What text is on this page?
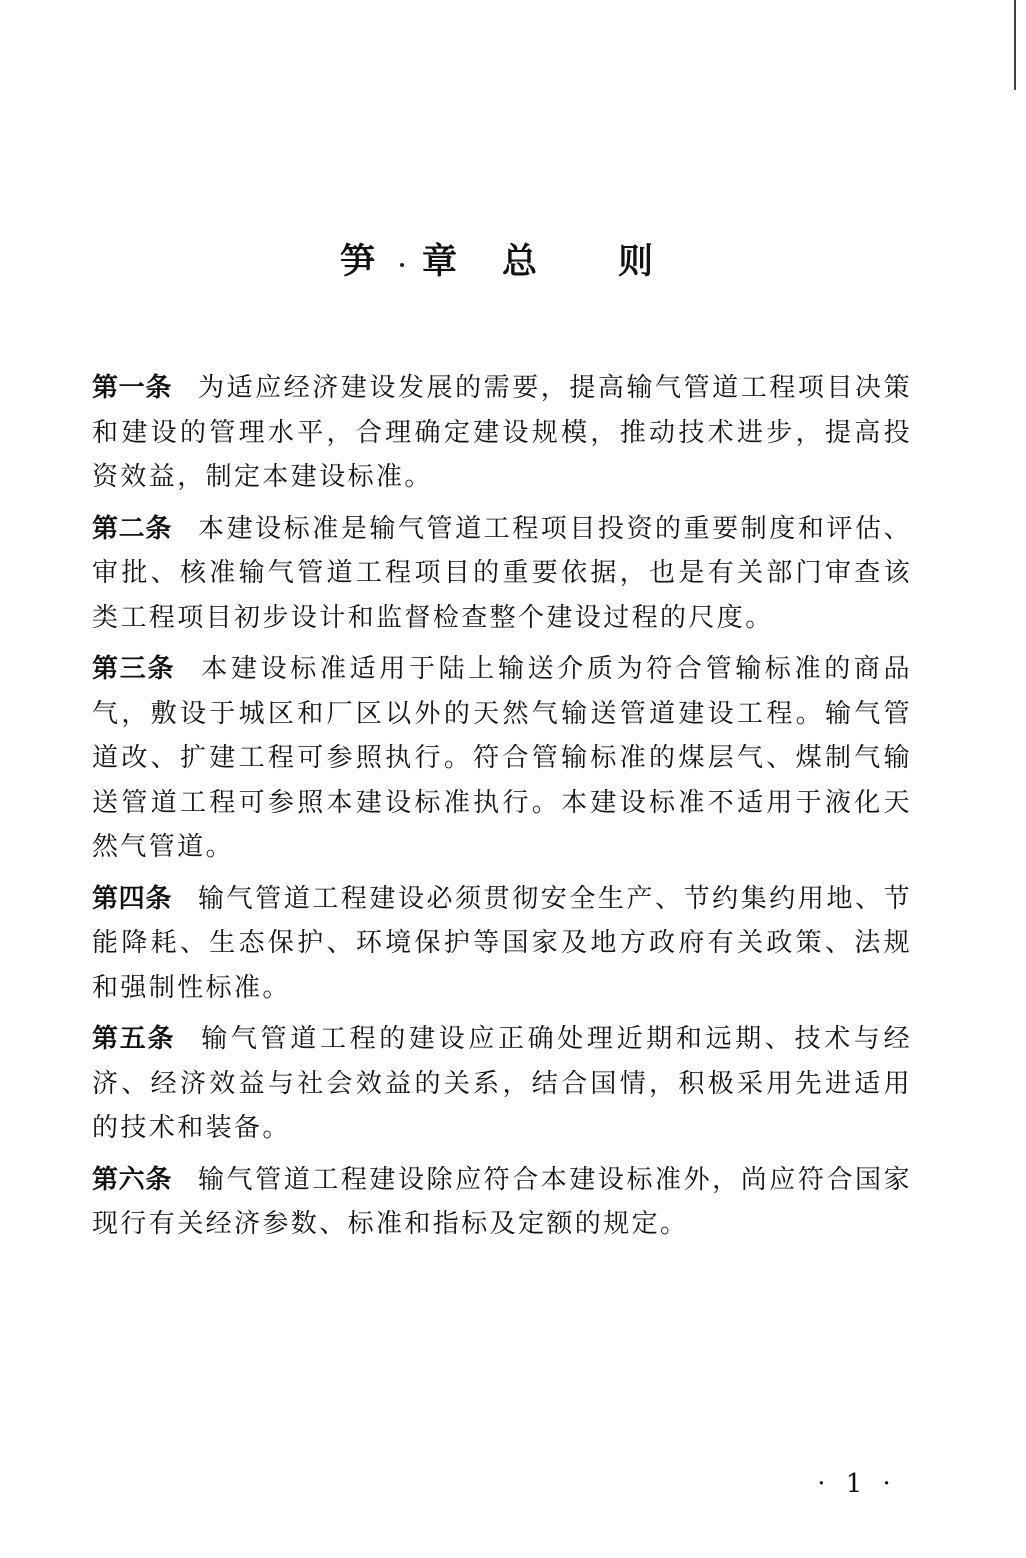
笋 章 总 则

第一条 为适应经济建设发展的需要，提高输气管道工程项目决策和建设的管理水平，合理确定建设规模，推动技术进步，提高投资效益，制定本建设标准。

第二条 本建设标准是输气管道工程项目投资的重要制度和评估、审批、核准输气管道工程项目的重要依据，也是有关部门审查该类工程项目初步设计和监督检查整个建设过程的尺度。

第三条 本建设标准适用于陆上输送介质为符合管输标准的商品气，敷设于城区和厂区以外的天然气输送管道建设工程。输气管道改、扩建工程可参照执行。符合管输标准的煤层气、煤制气输送管道工程可参照本建设标准执行。本建设标准不适用于液化天然气管道。

第四条 输气管道工程建设必须贯彻安全生产、节约集约用地、节能降耗、生态保护、环境保护等国家及地方政府有关政策、法规和强制性标准。

第五条 输气管道工程的建设应正确处理近期和远期、技术与经济、经济效益与社会效益的关系，结合国情，积极采用先进适用的技术和装备。

第六条 输气管道工程建设除应符合本建设标准外，尚应符合国家现行有关经济参数、标准和指标及定额的规定。

· 1 ·
